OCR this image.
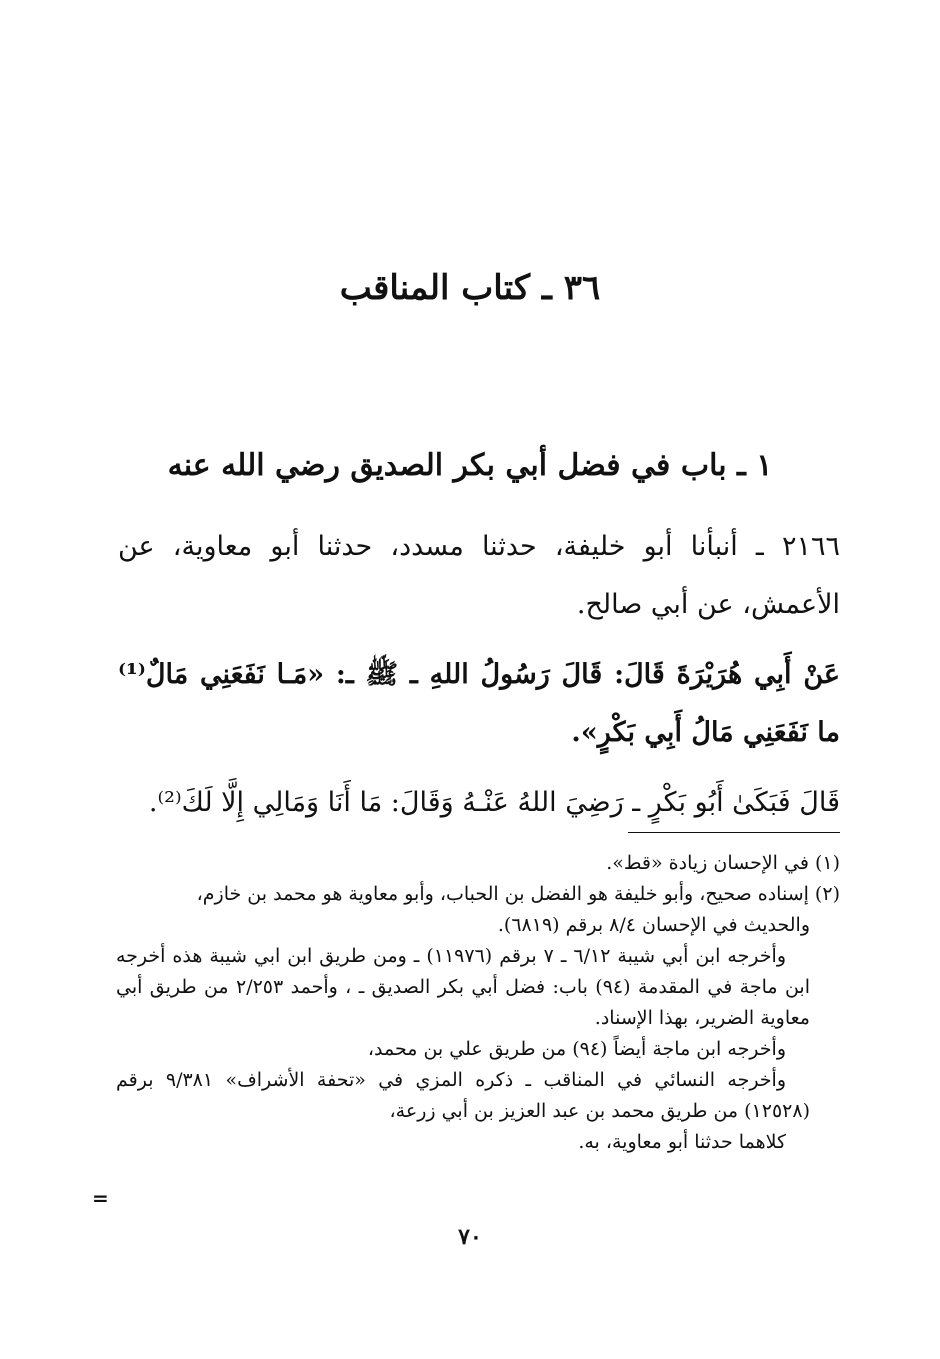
٣٦ ـ كتاب المناقب
١ ـ باب في فضل أبي بكر الصديق رضي الله عنه

٢١٦٦ ـ أنبأنا أبو خليفة، حدثنا مسدد، حدثنا أبو معاوية، عن الأعمش، عن أبي صالح.

عَنْ أَبِي هُرَيْرَةَ قَالَ: قَالَ رَسُولُ اللهِ ـ ﷺ ـ: «مَـا نَفَعَنِي مَالٌ⁽¹⁾ ما نَفَعَنِي مَالُ أَبِي بَكْرٍ».

قَالَ فَبَكَىٰ أَبُو بَكْرٍ ـ رَضِيَ اللهُ عَنْـهُ وَقَالَ: مَا أَنَا وَمَالِي إِلَّا لَكَ⁽²⁾.

(١) في الإحسان زيادة «قط».

(٢) إسناده صحيح، وأبو خليفة هو الفضل بن الحباب، وأبو معاوية هو محمد بن خازم،

والحديث في الإحسان ٨/٤ برقم (٦٨١٩).

وأخرجه ابن أبي شيبة ٦/١٢ ـ ٧ برقم (١١٩٧٦) ـ ومن طريق ابن ابي شيبة هذه أخرجه ابن ماجة في المقدمة (٩٤) باب: فضل أبي بكر الصديق ـ ، وأحمد ٢/٢٥٣ من طريق أبي معاوية الضرير، بهذا الإسناد.

وأخرجه ابن ماجة أيضاً (٩٤) من طريق علي بن محمد،

وأخرجه النسائي في المناقب ـ ذكره المزي في «تحفة الأشراف» ٩/٣٨١ برقم (١٢٥٢٨) من طريق محمد بن عبد العزيز بن أبي زرعة،

كلاهما حدثنا أبو معاوية، به.

=
٧٠
